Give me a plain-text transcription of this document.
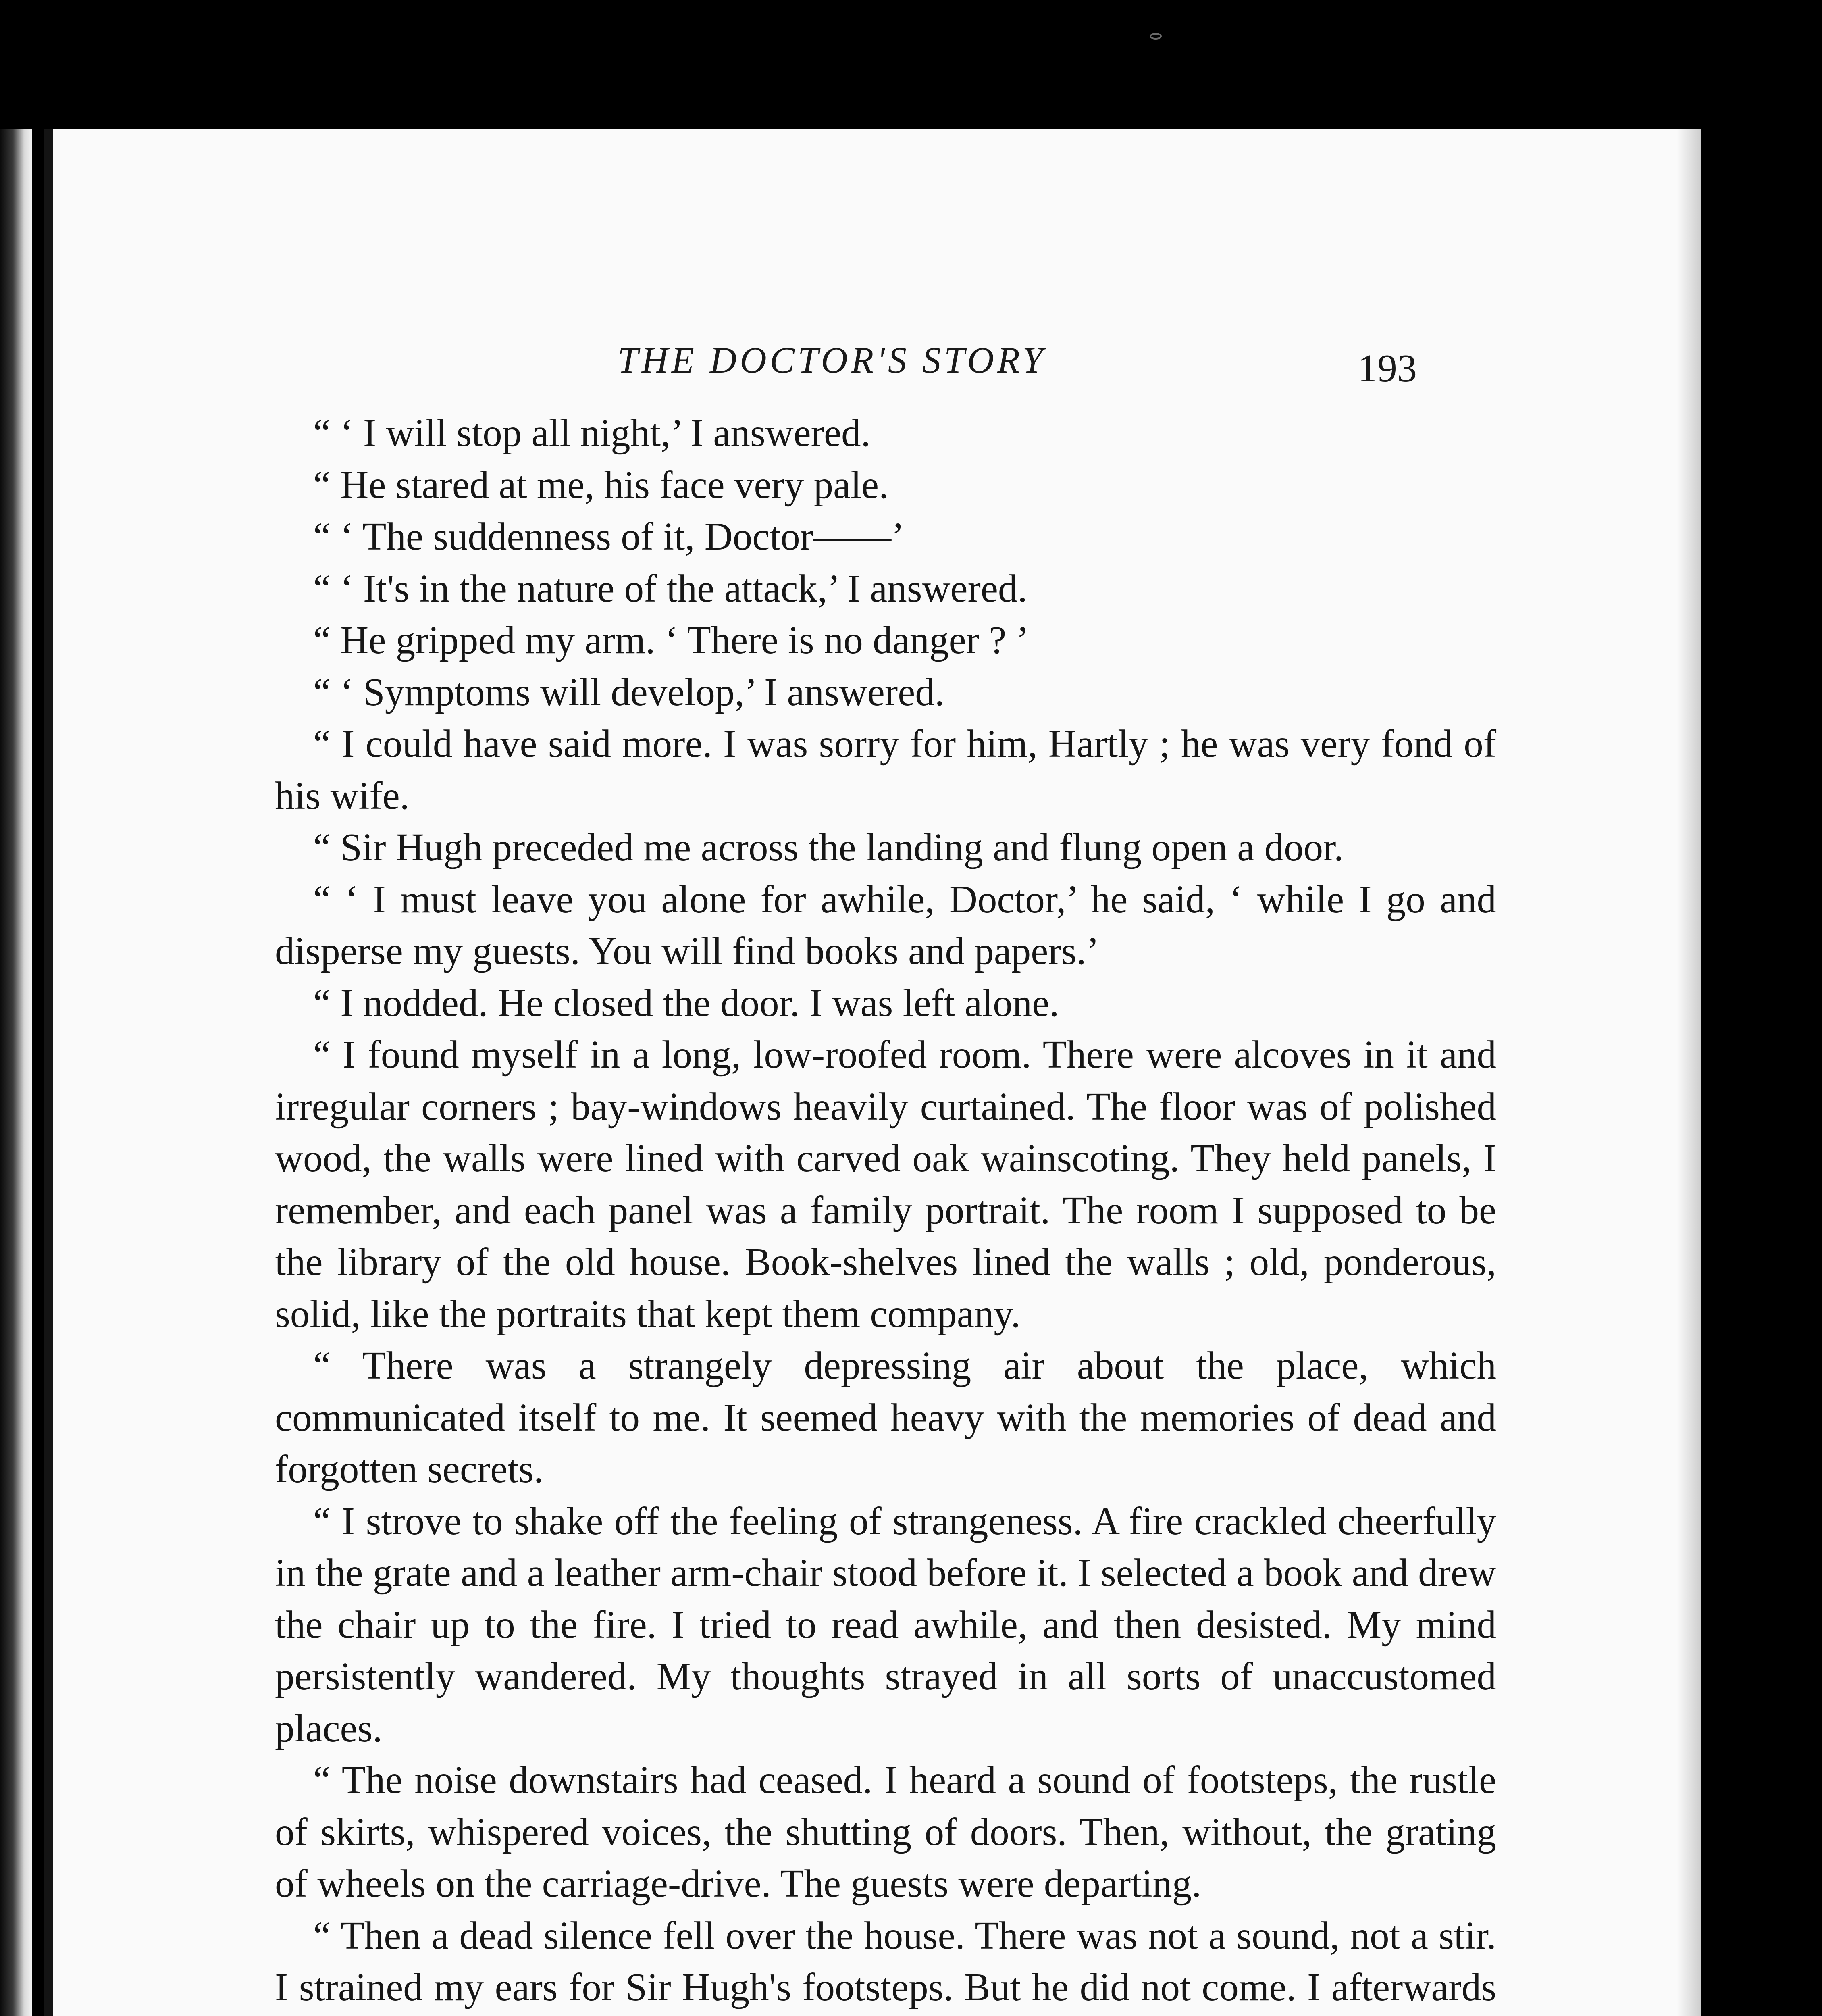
THE DOCTOR'S STORY	193

“ ‘ I will stop all night,’ I answered.

“ He stared at me, his face very pale.

“ ‘ The suddenness of it, Doctor——’

“ ‘ It's in the nature of the attack,’ I answered.

“ He gripped my arm. ‘ There is no danger ? ’

“ ‘ Symptoms will develop,’ I answered.

“ I could have said more. I was sorry for him, Hartly ; he was very fond of his wife.

“ Sir Hugh preceded me across the landing and flung open a door.

“ ‘ I must leave you alone for awhile, Doctor,’ he said, ‘ while I go and disperse my guests. You will find books and papers.’

“ I nodded. He closed the door. I was left alone.

“ I found myself in a long, low-roofed room. There were alcoves in it and irregular corners ; bay-windows heavily curtained. The floor was of polished wood, the walls were lined with carved oak wainscoting. They held panels, I remember, and each panel was a family portrait. The room I supposed to be the library of the old house. Book-shelves lined the walls ; old, ponderous, solid, like the portraits that kept them company.

“ There was a strangely depressing air about the place, which communicated itself to me. It seemed heavy with the memories of dead and forgotten secrets.

“ I strove to shake off the feeling of strangeness. A fire crackled cheerfully in the grate and a leather arm-chair stood before it. I selected a book and drew the chair up to the fire. I tried to read awhile, and then desisted. My mind persistently wandered. My thoughts strayed in all sorts of unaccustomed places.

“ The noise downstairs had ceased. I heard a sound of footsteps, the rustle of skirts, whispered voices, the shutting of doors. Then, without, the grating of wheels on the carriage-drive. The guests were departing.

“ Then a dead silence fell over the house. There was not a sound, not a stir. I strained my ears for Sir Hugh's footsteps. But he did not come. I afterwards
